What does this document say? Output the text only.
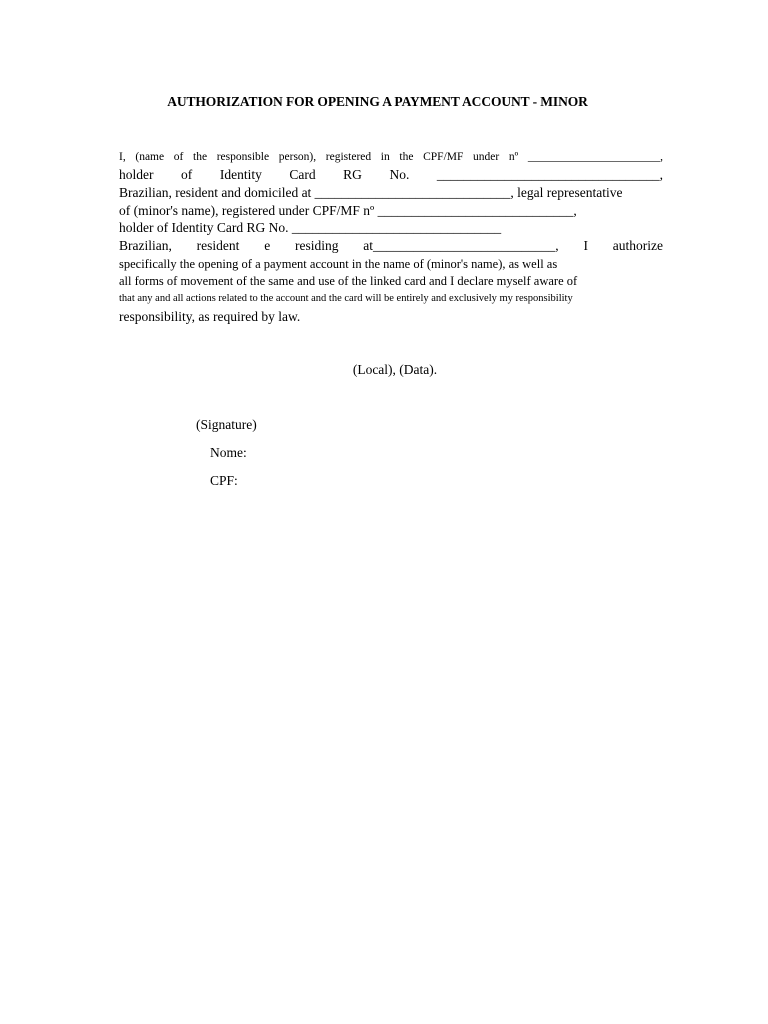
AUTHORIZATION FOR OPENING A PAYMENT ACCOUNT - MINOR
I, (name of the responsible person), registered in the CPF/MF under nº _______________________,
holder of Identity Card RG No. _________________________________,
Brazilian, resident and domiciled at _____________________________, legal representative
of (minor's name), registered under CPF/MF nº _____________________________,
holder of Identity Card RG No. _______________________________
Brazilian, resident e residing at___________________________, I authorize
specifically the opening of a payment account in the name of (minor's name), as well as
all forms of movement of the same and use of the linked card and I declare myself aware of
that any and all actions related to the account and the card will be entirely and exclusively my responsibility
responsibility, as required by law.
(Local), (Data).
(Signature)
Nome:
CPF:
